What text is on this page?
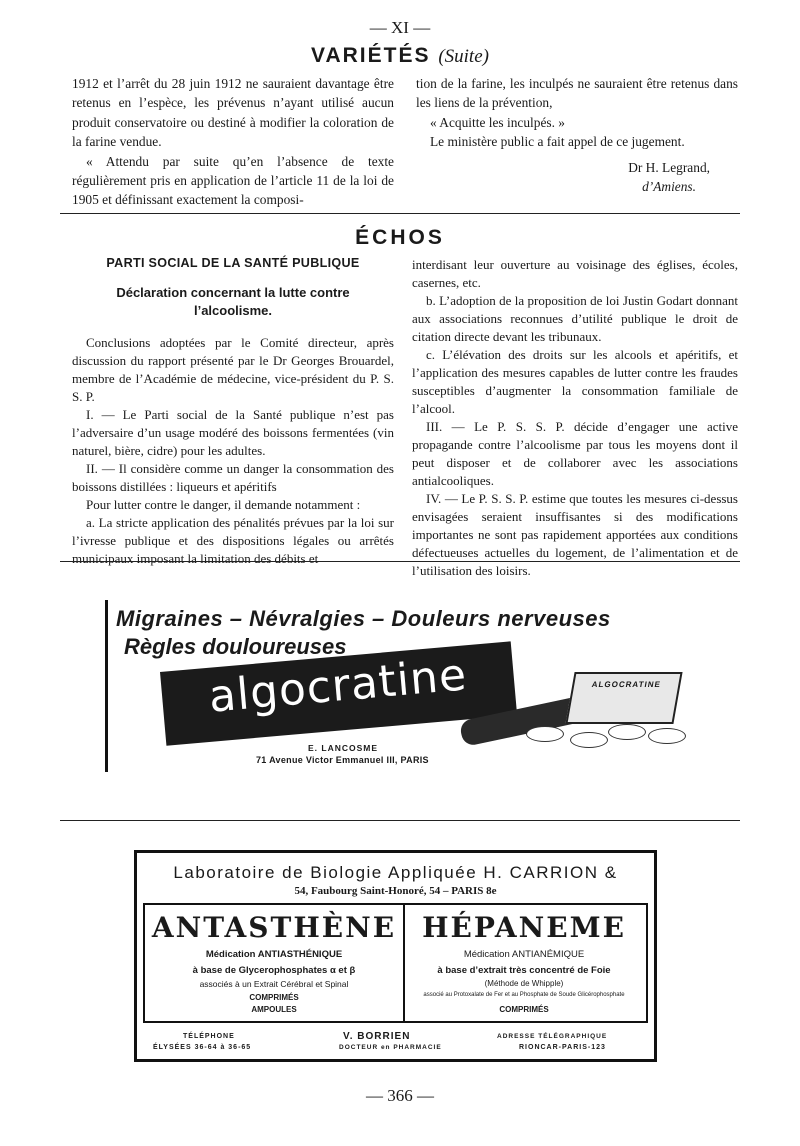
— XI —
VARIÉTÉS (Suite)

1912 et l’arrêt du 28 juin 1912 ne sauraient davantage être retenus en l’espèce, les prévenus n’ayant utilisé aucun produit conservatoire ou destiné à modifier la coloration de la farine vendue.

« Attendu par suite qu’en l’absence de texte régulièrement pris en application de l’article 11 de la loi de 1905 et définissant exactement la composi-

tion de la farine, les inculpés ne sauraient être retenus dans les liens de la prévention,

« Acquitte les inculpés. »

Le ministère public a fait appel de ce jugement.

Dr H. Legrand,

d’Amiens.

ÉCHOS
PARTI SOCIAL DE LA SANTÉ PUBLIQUE
Déclaration concernant la lutte contre l’alcoolisme.

Conclusions adoptées par le Comité directeur, après discussion du rapport présenté par le Dr Georges Brouardel, membre de l’Académie de médecine, vice-président du P. S. S. P.

I. — Le Parti social de la Santé publique n’est pas l’adversaire d’un usage modéré des boissons fermentées (vin naturel, bière, cidre) pour les adultes.

II. — Il considère comme un danger la consommation des boissons distillées : liqueurs et apéritifs

Pour lutter contre le danger, il demande notamment :

a. La stricte application des pénalités prévues par la loi sur l’ivresse publique et des dispositions légales ou arrêtés municipaux imposant la limitation des débits et

interdisant leur ouverture au voisinage des églises, écoles, casernes, etc.

b. L’adoption de la proposition de loi Justin Godart donnant aux associations reconnues d’utilité publique le droit de citation directe devant les tribunaux.

c. L’élévation des droits sur les alcools et apéritifs, et l’application des mesures capables de lutter contre les fraudes susceptibles d’augmenter la consommation familiale de l’alcool.

III. — Le P. S. S. P. décide d’engager une active propagande contre l’alcoolisme par tous les moyens dont il peut disposer et de collaborer avec les associations antialcooliques.

IV. — Le P. S. S. P. estime que toutes les mesures ci-dessus envisagées seraient insuffisantes si des modifications importantes ne sont pas rapidement apportées aux conditions défectueuses actuelles du logement, de l’alimentation et de l’utilisation des loisirs.

Migraines – Névralgies – Douleurs nerveuses
Règles douloureuses
algocratine	ALGOCRATINE
E. LANCOSME
71 Avenue Victor Emmanuel III, PARIS
Laboratoire de Biologie Appliquée H. CARRION &
54, Faubourg Saint-Honoré, 54 – PARIS 8e
ANTASTHÈNE
Médication ANTIASTHÉNIQUE
à base de Glycerophosphates α et β
associés à un Extrait Cérébral et Spinal
COMPRIMÉS
AMPOULES
HÉPANEME
Médication ANTIANÉMIQUE
à base d’extrait très concentré de Foie
(Méthode de Whipple)
associé au Protoxalate de Fer et au Phosphate de Soude Glicérophosphate
COMPRIMÉS
TÉLÉPHONE
ÉLYSÉES 36-64 à 36-65
V. BORRIEN
DOCTEUR en PHARMACIE
ADRESSE TÉLÉGRAPHIQUE
RIONCAR-PARIS-123
— 366 —
